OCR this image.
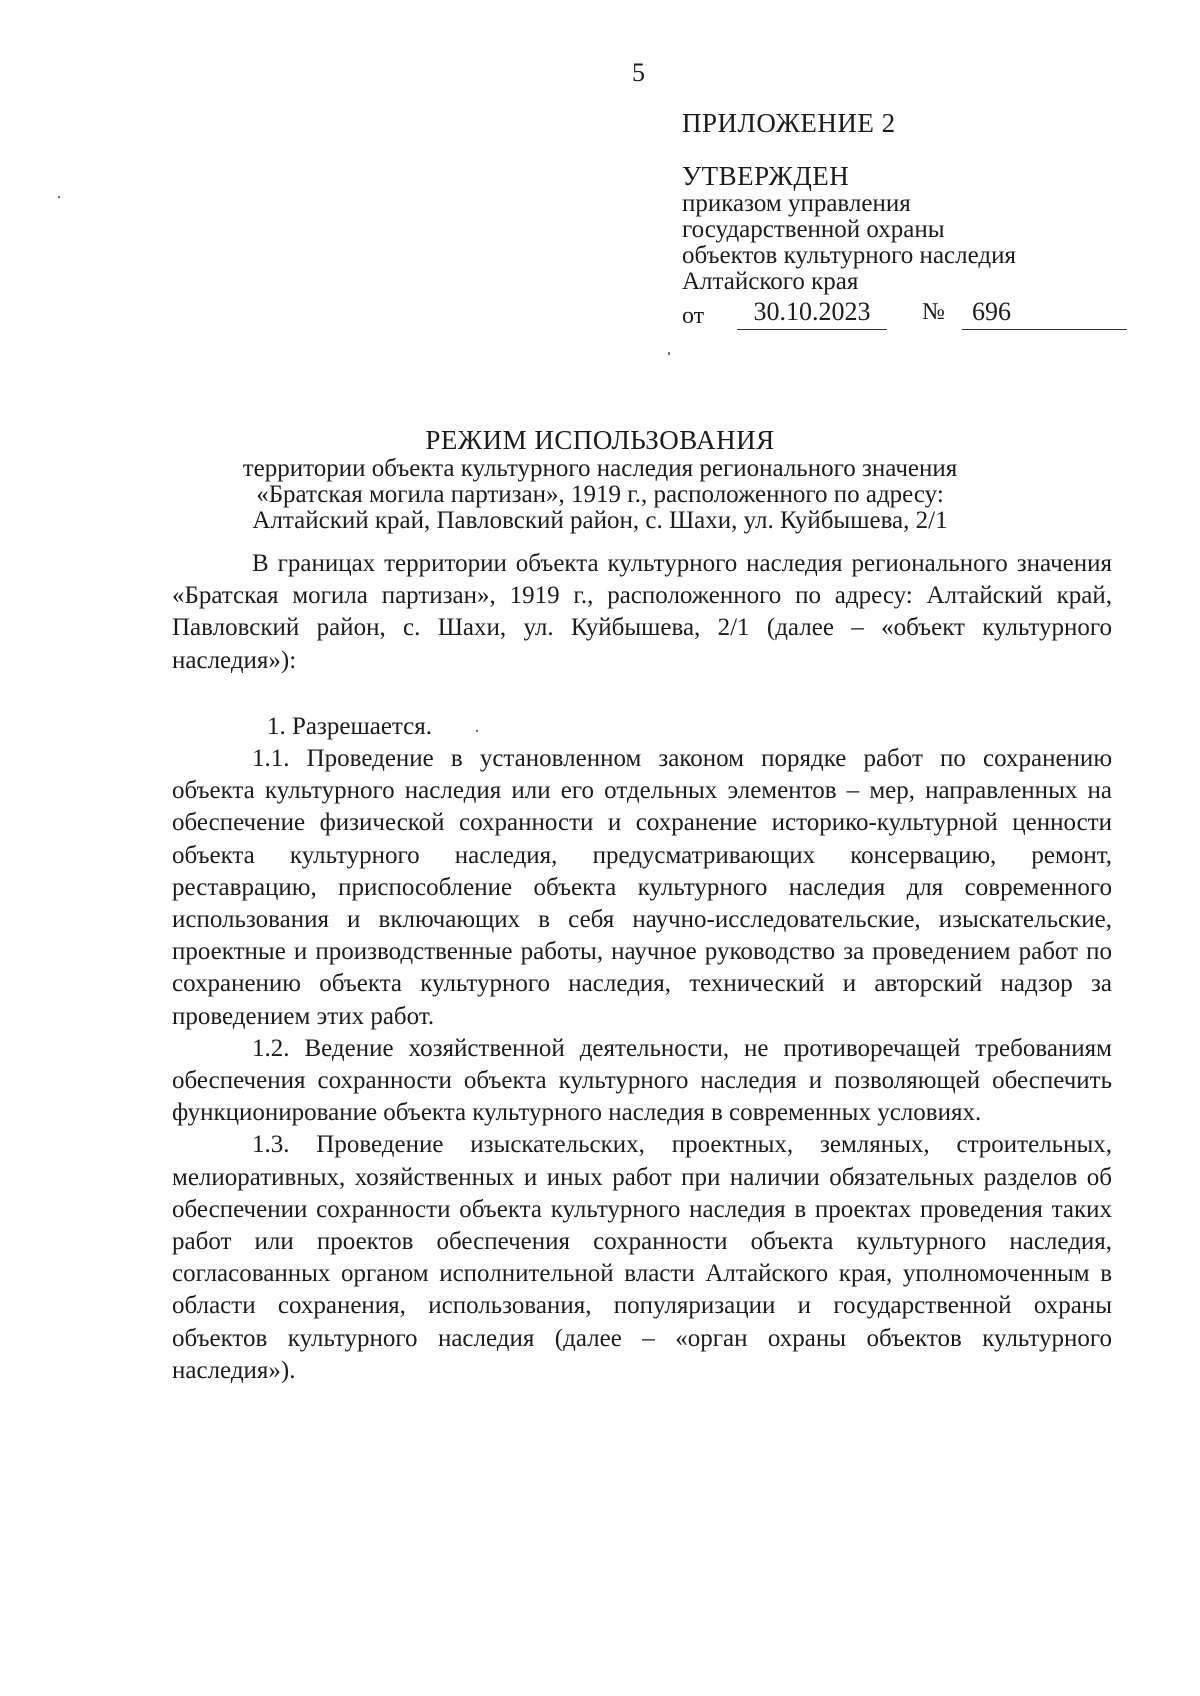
5
ПРИЛОЖЕНИЕ 2
УТВЕРЖДЕН
приказом управления
государственной охраны
объектов культурного наследия
Алтайского края
от	30.10.2023	№	696
РЕЖИМ ИСПОЛЬЗОВАНИЯ
территории объекта культурного наследия регионального значения
«Братская могила партизан», 1919 г., расположенного по адресу:
Алтайский край, Павловский район, с. Шахи, ул. Куйбышева, 2/1

В границах территории объекта культурного наследия регионального значения «Братская могила партизан», 1919 г., расположенного по адресу: Алтайский край, Павловский район, с. Шахи, ул. Куйбышева, 2/1 (далее – «объект культурного наследия»):

1. Разрешается.

1.1. Проведение в установленном законом порядке работ по сохранению объекта культурного наследия или его отдельных элементов – мер, направленных на обеспечение физической сохранности и сохранение историко-культурной ценности объекта культурного наследия, предусматривающих консервацию, ремонт, реставрацию, приспособление объекта культурного наследия для современного использования и включающих в себя научно-исследовательские, изыскательские, проектные и производственные работы, научное руководство за проведением работ по сохранению объекта культурного наследия, технический и авторский надзор за проведением этих работ.

1.2. Ведение хозяйственной деятельности, не противоречащей требованиям обеспечения сохранности объекта культурного наследия и позволяющей обеспечить функционирование объекта культурного наследия в современных условиях.

1.3. Проведение изыскательских, проектных, земляных, строительных, мелиоративных, хозяйственных и иных работ при наличии обязательных разделов об обеспечении сохранности объекта культурного наследия в проектах проведения таких работ или проектов обеспечения сохранности объекта культурного наследия, согласованных органом исполнительной власти Алтайского края, уполномоченным в области сохранения, использования, популяризации и государственной охраны объектов культурного наследия (далее – «орган охраны объектов культурного наследия»).
